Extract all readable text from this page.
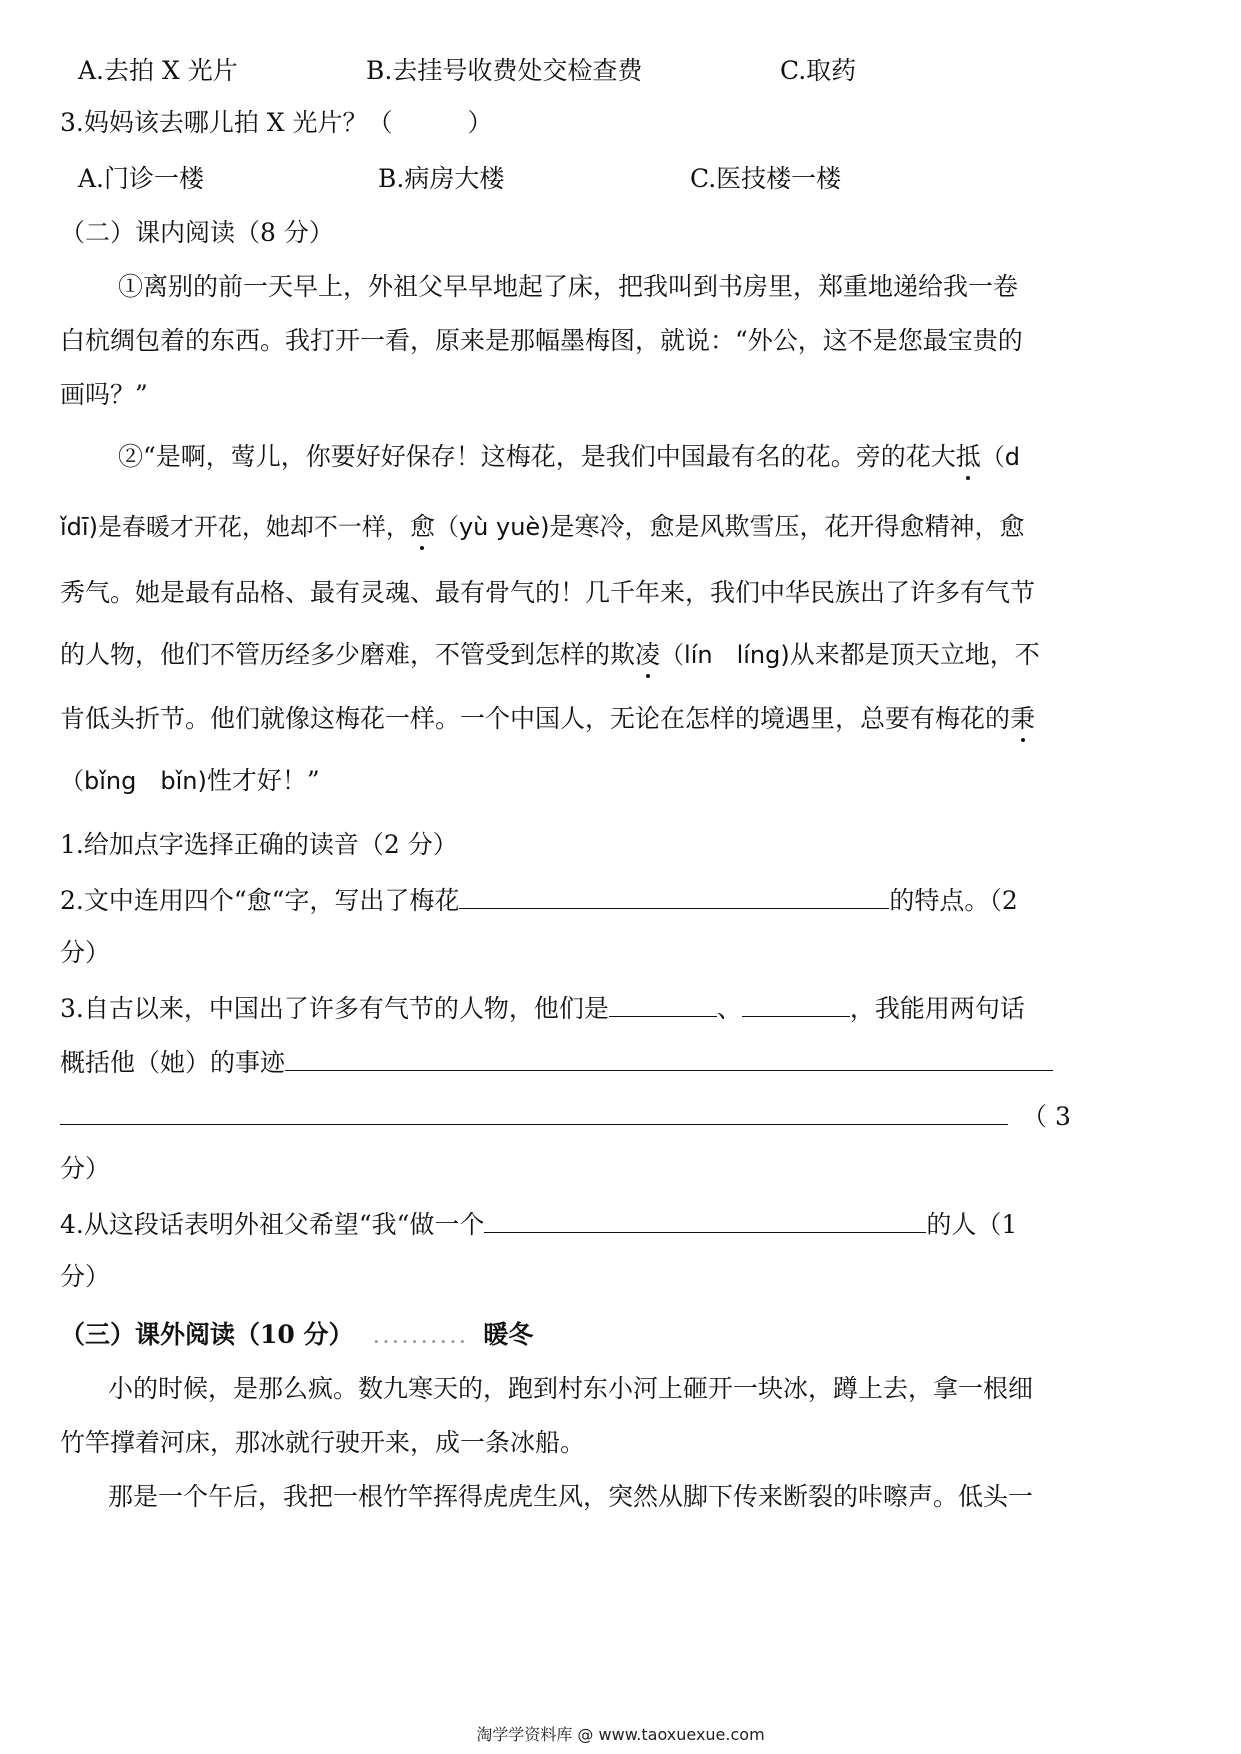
A.去拍 X 光片	B.去挂号收费处交检查费	C.取药
3.妈妈该去哪儿拍 X 光片？（　　　）
A.门诊一楼	B.病房大楼	C.医技楼一楼
（二）课内阅读（8 分）
①离别的前一天早上，外祖父早早地起了床，把我叫到书房里，郑重地递给我一卷
白杭绸包着的东西。我打开一看，原来是那幅墨梅图，就说：“外公，这不是您最宝贵的
画吗？”
②“是啊，莺儿，你要好好保存！这梅花，是我们中国最有名的花。旁的花大抵（d
ǐdī)是春暖才开花，她却不一样，愈（yù yuè)是寒冷，愈是风欺雪压，花开得愈精神，愈
秀气。她是最有品格、最有灵魂、最有骨气的！几千年来，我们中华民族出了许多有气节
的人物，他们不管历经多少磨难，不管受到怎样的欺凌（lín　líng)从来都是顶天立地，不
肯低头折节。他们就像这梅花一样。一个中国人，无论在怎样的境遇里，总要有梅花的秉
（bǐng　bǐn)性才好！”
1.给加点字选择正确的读音（2 分）
2.文中连用四个“愈“字，写出了梅花	的特点。（2
分）
3.自古以来，中国出了许多有气节的人物，他们是	、	，我能用两句话
概括他（她）的事迹
（ 3
分）
4.从这段话表明外祖父希望“我“做一个	的人（1
分）
（三）课外阅读（10 分） .......... 暖冬
小的时候，是那么疯。数九寒天的，跑到村东小河上砸开一块冰，蹲上去，拿一根细
竹竿撑着河床，那冰就行驶开来，成一条冰船。
那是一个午后，我把一根竹竿挥得虎虎生风，突然从脚下传来断裂的咔嚓声。低头一
淘学学资料库 @ www.taoxuexue.com
